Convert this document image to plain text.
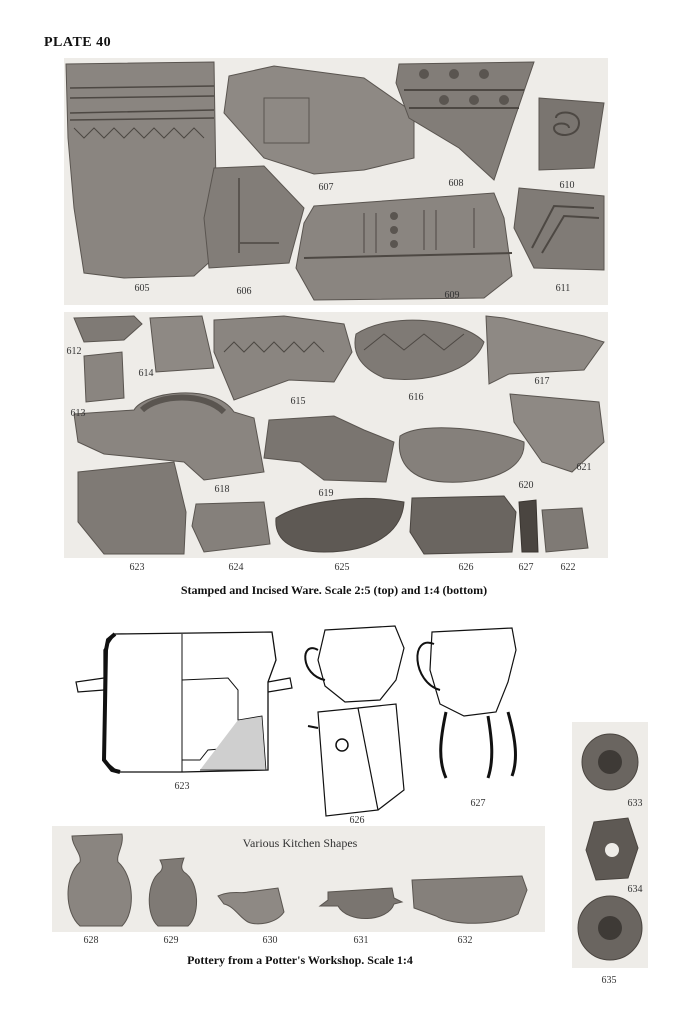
PLATE 40
605	606
607	608
609
610
611
612
613
614
615	616
617
618	619
620
621
623	624	625	626	627	622
Stamped and Incised Ware. Scale 2:5 (top) and 1:4 (bottom)
623
626
627
Various Kitchen Shapes
628	629	630	631	632
633
634
635
Pottery from a Potter's Workshop. Scale 1:4
